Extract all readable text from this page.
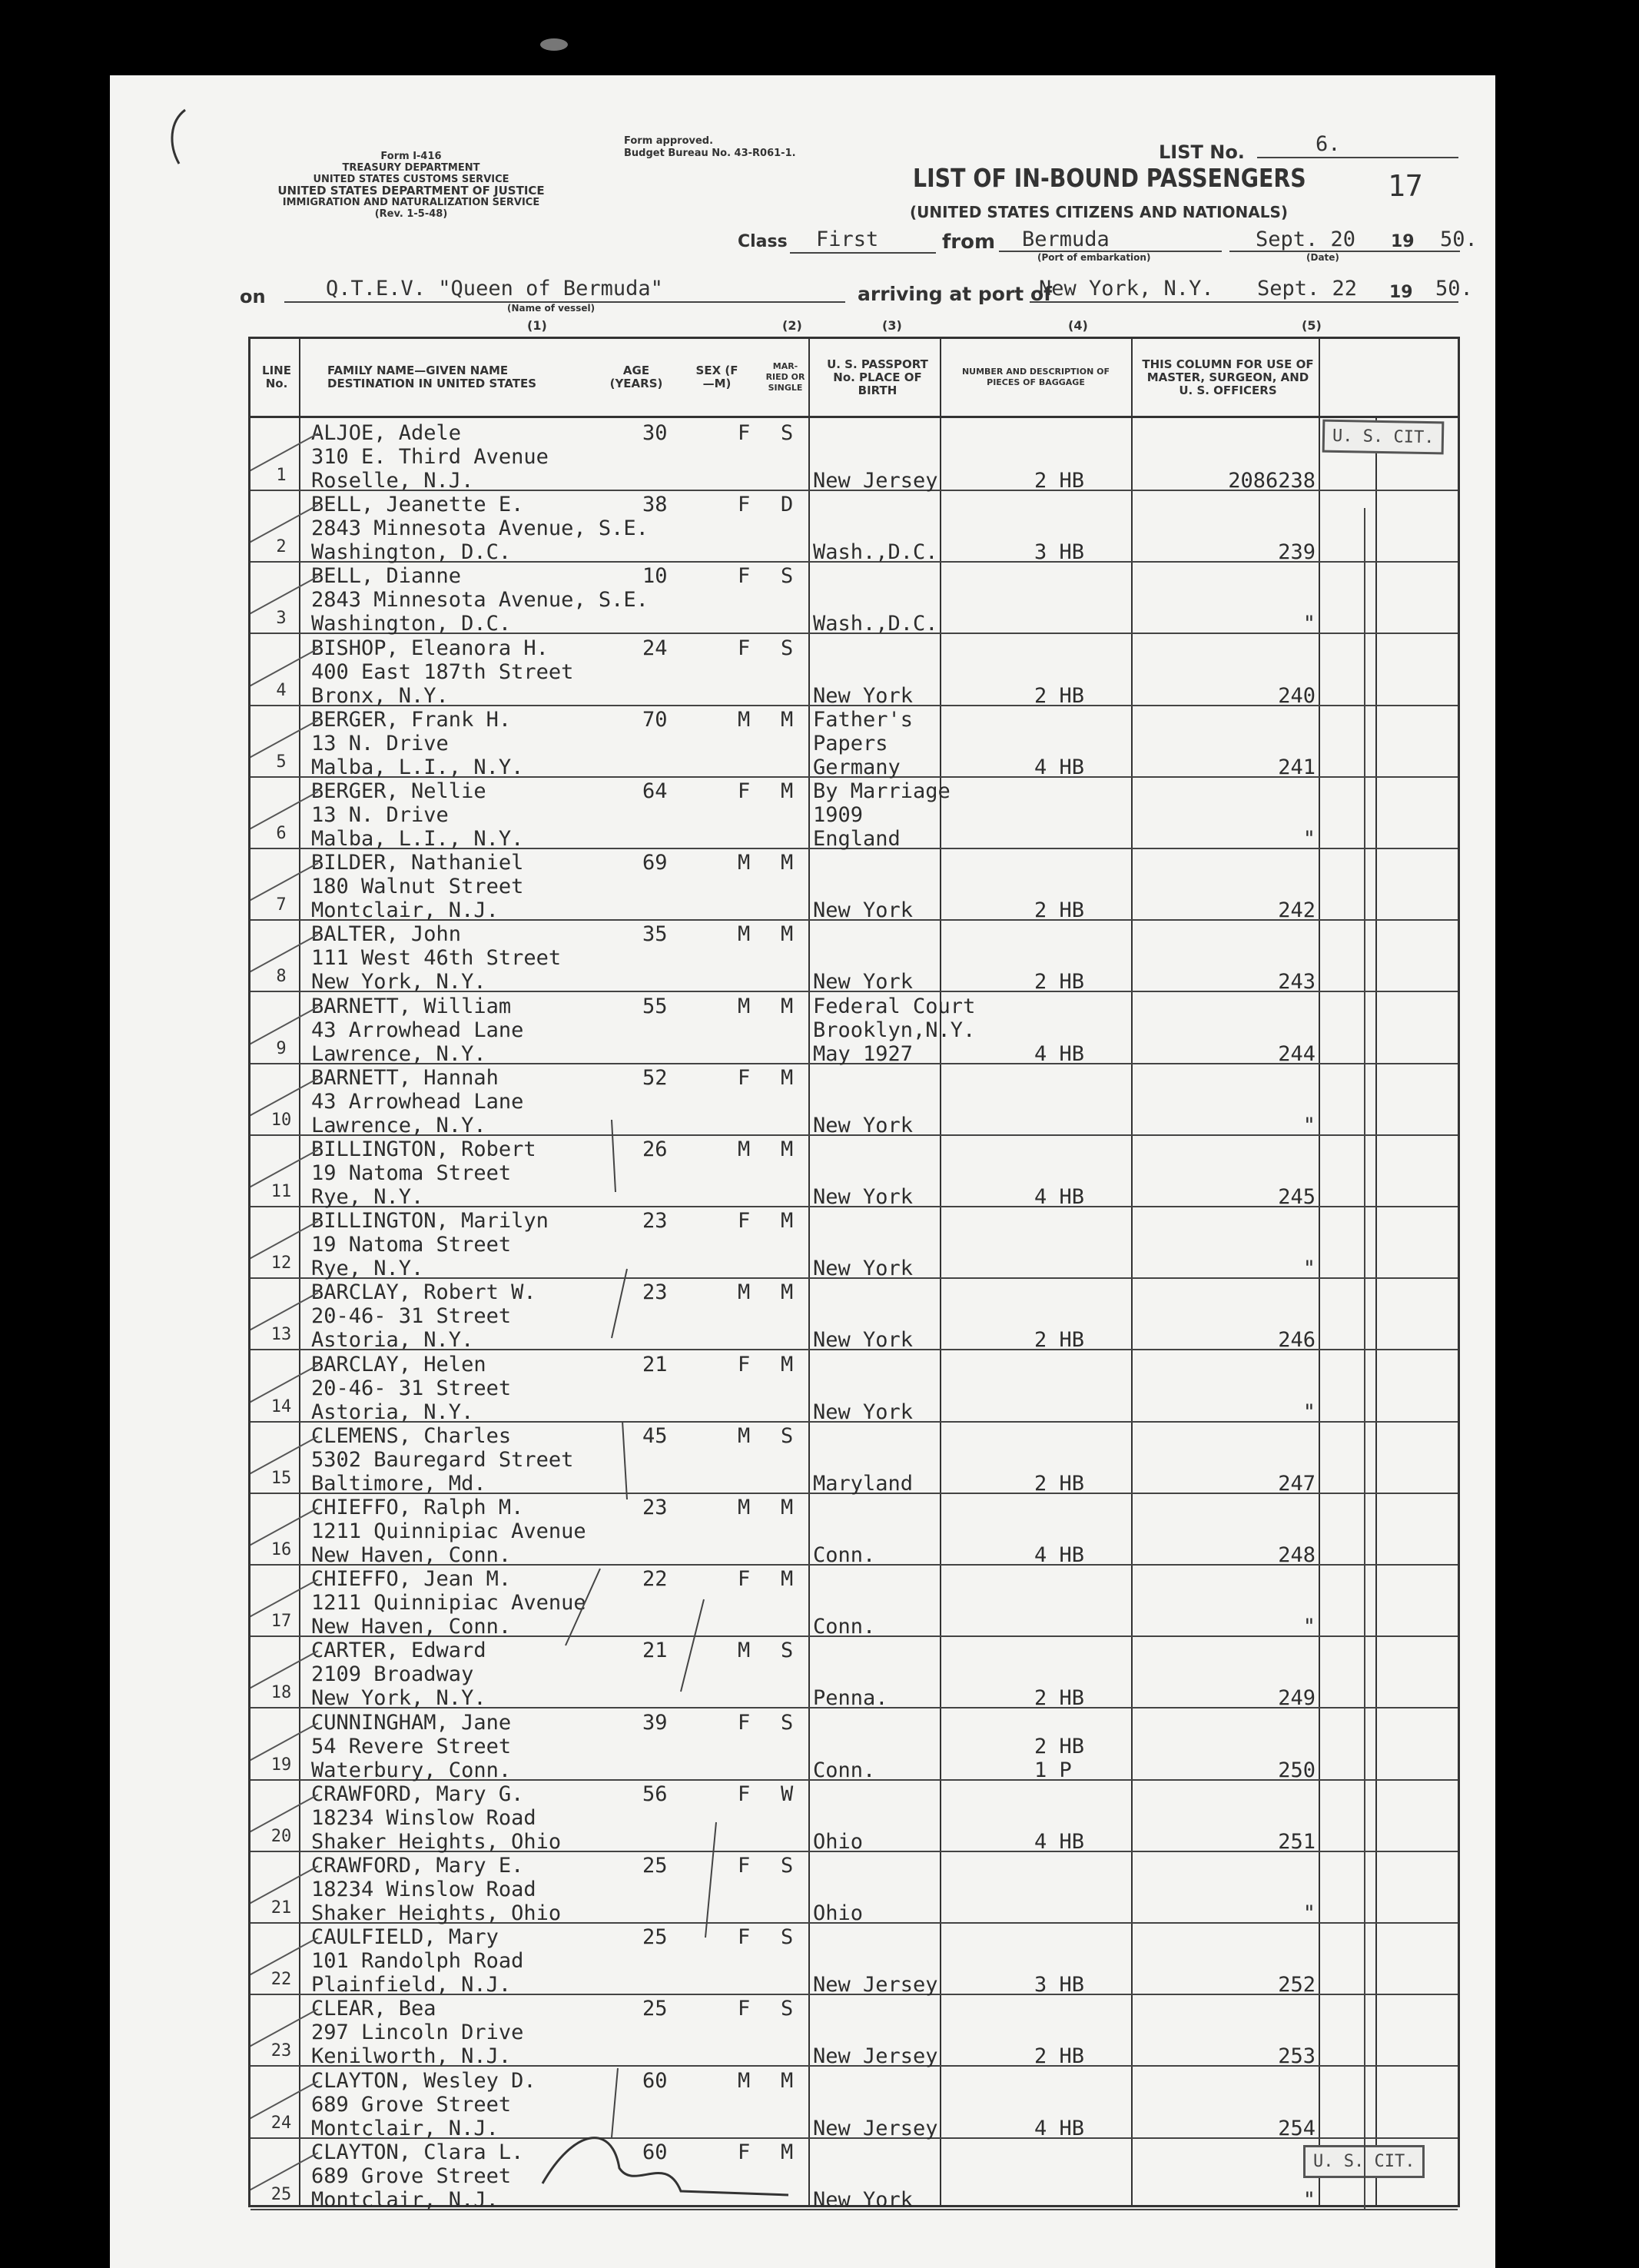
Form I-416
TREASURY DEPARTMENT
UNITED STATES CUSTOMS SERVICE
UNITED STATES DEPARTMENT OF JUSTICE
IMMIGRATION AND NATURALIZATION SERVICE
(Rev. 1-5-48)
Form approved.
Budget Bureau No. 43-R061-1.	LIST No.	6.
LIST OF IN-BOUND PASSENGERS	17
(UNITED STATES CITIZENS AND NATIONALS)
Class First	from Bermuda
(Port of embarkation)
Sept. 20 19 50.
(Date)
on	Q.T.E.V. "Queen of Bermuda"
(Name of vessel)
arriving at port of
New York, N.Y. Sept. 22 19 50.
(1)	(2)	(3)	(4)	(5)
LINE No.
FAMILY NAME—GIVEN NAME DESTINATION IN UNITED STATES
AGE (YEARS)
SEX (F—M)
MAR-RIED OR SINGLE
U. S. PASSPORT No. PLACE OF BIRTH
NUMBER AND DESCRIPTION OF PIECES OF BAGGAGE
THIS COLUMN FOR USE OF MASTER, SURGEON, AND U. S. OFFICERS
1
ALJOE, Adele
310 E. Third Avenue
Roselle, N.J.
30	F S
New Jersey	2 HB	2086238
2
BELL, Jeanette E.
2843 Minnesota Avenue, S.E.
Washington, D.C.
38	F D
Wash.,D.C.	3 HB	239
3
BELL, Dianne
2843 Minnesota Avenue, S.E.
Washington, D.C.
10	F S
Wash.,D.C.	"
4
BISHOP, Eleanora H.
400 East 187th Street
Bronx, N.Y.
24	F S
New York	2 HB	240
5
BERGER, Frank H.
13 N. Drive
Malba, L.I., N.Y.
70	M M Father's
Papers
Germany	4 HB	241
6
BERGER, Nellie
13 N. Drive
Malba, L.I., N.Y.
64	F M By Marriage
1909
England	"
7
BILDER, Nathaniel
180 Walnut Street
Montclair, N.J.
69	M M
New York	2 HB	242
8
BALTER, John
111 West 46th Street
New York, N.Y.
35	M M
New York	2 HB	243
9
BARNETT, William
43 Arrowhead Lane
Lawrence, N.Y.
55	M M Federal Court
Brooklyn,N.Y.
May 1927	4 HB	244
10
BARNETT, Hannah
43 Arrowhead Lane
Lawrence, N.Y.
52	F M
New York	"
11
BILLINGTON, Robert
19 Natoma Street
Rye, N.Y.
26	M M
New York	4 HB	245
12
BILLINGTON, Marilyn
19 Natoma Street
Rye, N.Y.
23	F M
New York	"
13
BARCLAY, Robert W.
20-46- 31 Street
Astoria, N.Y.
23	M M
New York	2 HB	246
14
BARCLAY, Helen
20-46- 31 Street
Astoria, N.Y.
21	F M
New York	"
15
CLEMENS, Charles
5302 Bauregard Street
Baltimore, Md.
45	M S
Maryland	2 HB	247
16
CHIEFFO, Ralph M.
1211 Quinnipiac Avenue
New Haven, Conn.
23	M M
Conn.	4 HB	248
17
CHIEFFO, Jean M.
1211 Quinnipiac Avenue
New Haven, Conn.
22	F M
Conn.	"
18
CARTER, Edward
2109 Broadway
New York, N.Y.
21	M S
Penna.	2 HB	249
19
CUNNINGHAM, Jane
54 Revere Street
Waterbury, Conn.
39	F S
Conn.
2 HB
1 P	250
20
CRAWFORD, Mary G.
18234 Winslow Road
Shaker Heights, Ohio
56	F W
Ohio	4 HB	251
21
CRAWFORD, Mary E.
18234 Winslow Road
Shaker Heights, Ohio
25	F S
Ohio	"
22
CAULFIELD, Mary
101 Randolph Road
Plainfield, N.J.
25	F S
New Jersey	3 HB	252
23
CLEAR, Bea
297 Lincoln Drive
Kenilworth, N.J.
25	F S
New Jersey	2 HB	253
24
CLAYTON, Wesley D.
689 Grove Street
Montclair, N.J.
60	M M
New Jersey	4 HB	254
25
CLAYTON, Clara L.
689 Grove Street
Montclair, N.J.
60	F M
New York	"
U. S. CIT.
U. S. CIT.
